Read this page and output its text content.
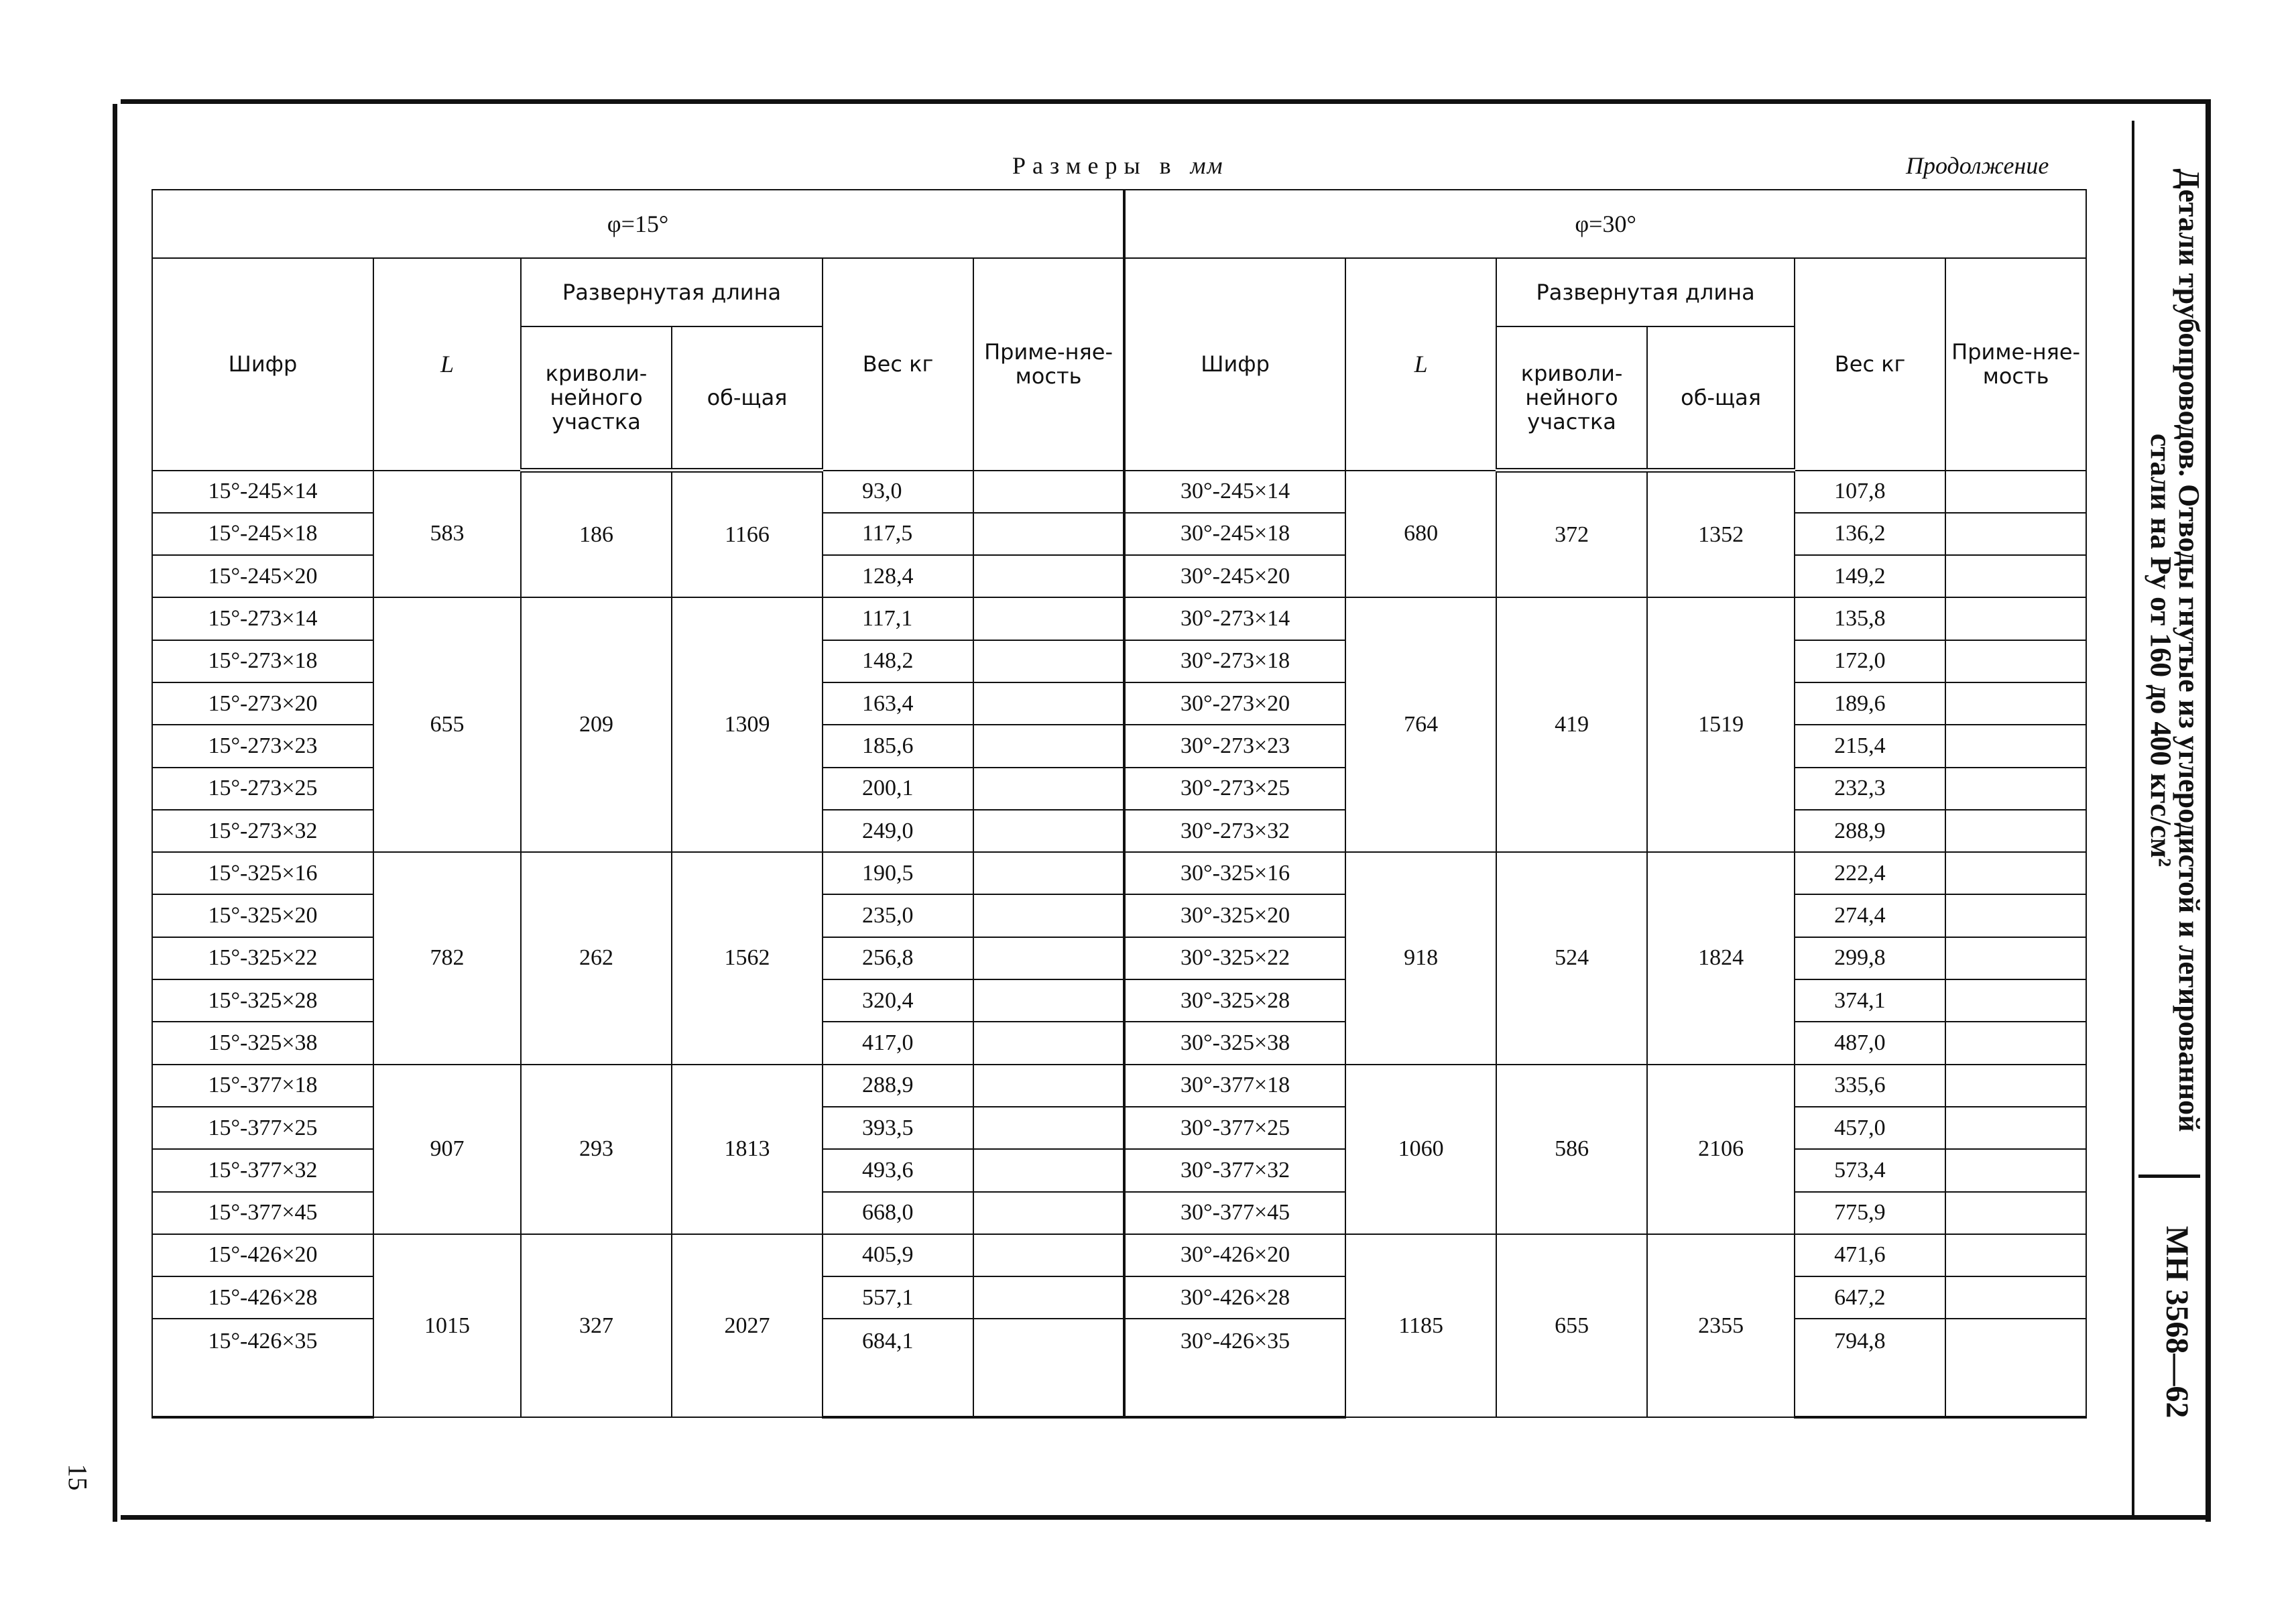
15
Размеры в мм	Продолжение
Детали трубопроводов. Отводы гнутые из углеродистой и легированной стали на Pу от 160 до 400 кгс/см²
МН 3568—62
φ=15°						φ=30°					
Шифр	L	Развернутая длина		Вес кг	Приме-няе-мость	Шифр	L	Развернутая длина		Вес кг	Приме-няе-мость
		криволи-нейного участка	об-щая					криволи-нейного участка	об-щая		
15°-245×14	583	186	1166	93,0		30°-245×14	680	372	1352	107,8	
15°-245×18				117,5		30°-245×18				136,2	
15°-245×20				128,4		30°-245×20				149,2	
15°-273×14	655	209	1309	117,1		30°-273×14	764	419	1519	135,8	
15°-273×18				148,2		30°-273×18				172,0	
15°-273×20				163,4		30°-273×20				189,6	
15°-273×23				185,6		30°-273×23				215,4	
15°-273×25				200,1		30°-273×25				232,3	
15°-273×32				249,0		30°-273×32				288,9	
15°-325×16	782	262	1562	190,5		30°-325×16	918	524	1824	222,4	
15°-325×20				235,0		30°-325×20				274,4	
15°-325×22				256,8		30°-325×22				299,8	
15°-325×28				320,4		30°-325×28				374,1	
15°-325×38				417,0		30°-325×38				487,0	
15°-377×18	907	293	1813	288,9		30°-377×18	1060	586	2106	335,6	
15°-377×25				393,5		30°-377×25				457,0	
15°-377×32				493,6		30°-377×32				573,4	
15°-377×45				668,0		30°-377×45				775,9	
15°-426×20	1015	327	2027	405,9		30°-426×20	1185	655	2355	471,6	
15°-426×28				557,1		30°-426×28				647,2	
15°-426×35				684,1		30°-426×35				794,8	
